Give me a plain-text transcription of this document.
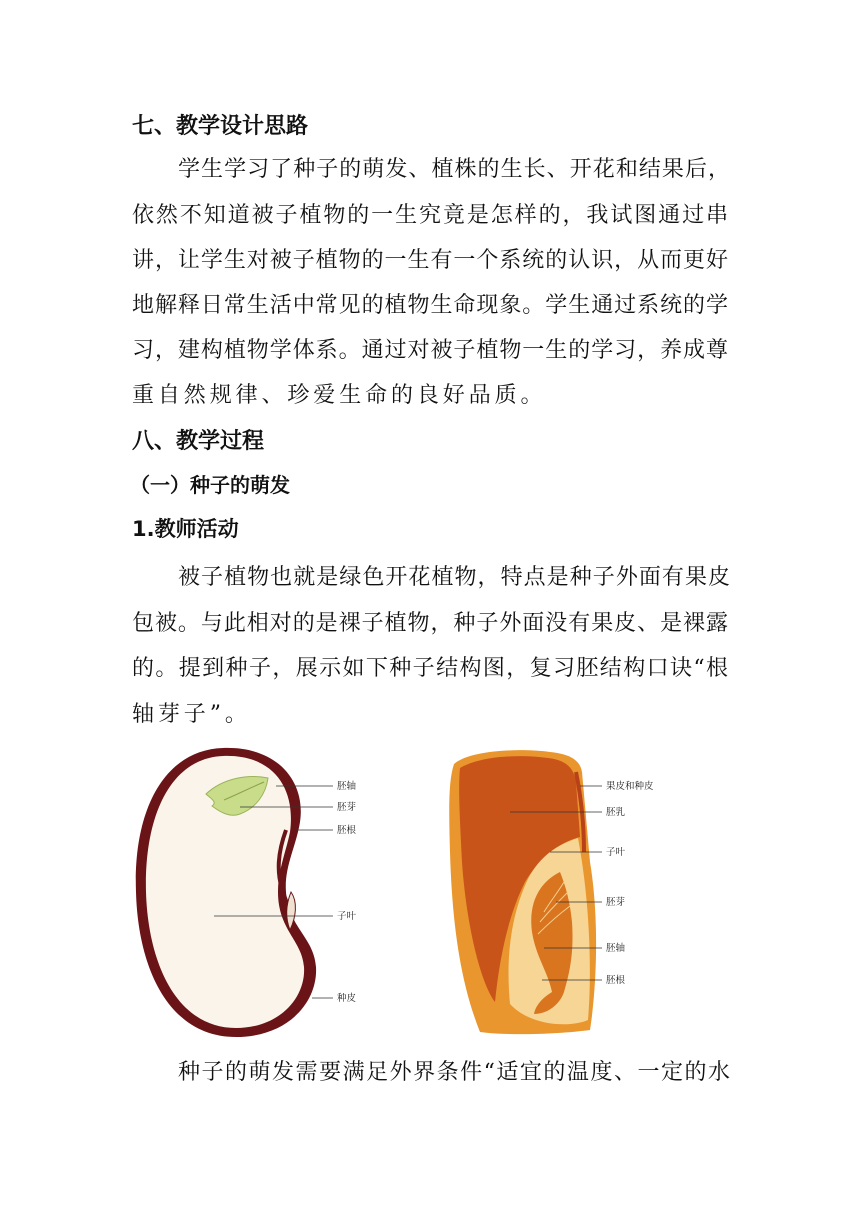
七、教学设计思路

学生学习了种子的萌发、植株的生长、开花和结果后，

依然不知道被子植物的一生究竟是怎样的，我试图通过串

讲，让学生对被子植物的一生有一个系统的认识，从而更好

地解释日常生活中常见的植物生命现象。学生通过系统的学

习，建构植物学体系。通过对被子植物一生的学习，养成尊

重自然规律、珍爱生命的良好品质。

八、教学过程

（一）种子的萌发

1.教师活动

被子植物也就是绿色开花植物，特点是种子外面有果皮

包被。与此相对的是裸子植物，种子外面没有果皮、是裸露

的。提到种子，展示如下种子结构图，复习胚结构口诀“根

轴芽子”。

胚轴
胚芽
胚根
子叶
种皮
果皮和种皮
胚乳
子叶
胚芽
胚轴
胚根

种子的萌发需要满足外界条件“适宜的温度、一定的水
